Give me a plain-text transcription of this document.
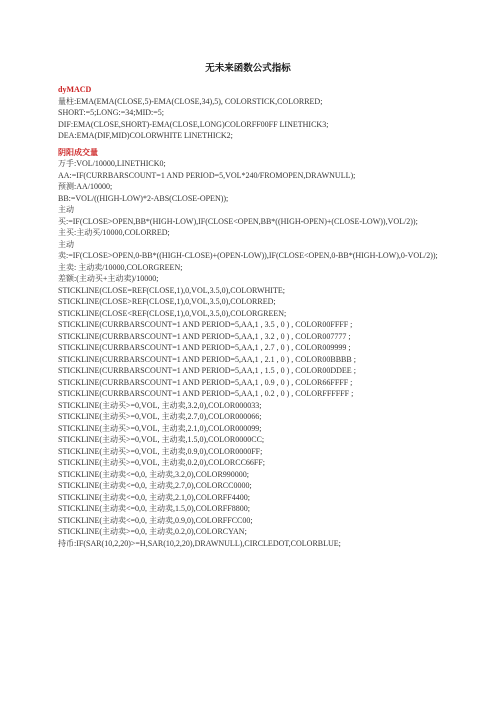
无未来函数公式指标
dyMACD
量柱:EMA(EMA(CLOSE,5)-EMA(CLOSE,34),5), COLORSTICK,COLORRED;
SHORT:=5;LONG:=34;MID:=5;
DIF:EMA(CLOSE,SHORT)-EMA(CLOSE,LONG)COLORFF00FF LINETHICK3;
DEA:EMA(DIF,MID)COLORWHITE LINETHICK2;
阴阳成交量
万手:VOL/10000,LINETHICK0;
AA:=IF(CURRBARSCOUNT=1 AND PERIOD=5,VOL*240/FROMOPEN,DRAWNULL);
预测:AA/10000;
BB:=VOL/((HIGH-LOW)*2-ABS(CLOSE-OPEN));
主动
买:=IF(CLOSE>OPEN,BB*(HIGH-LOW),IF(CLOSE<OPEN,BB*((HIGH-OPEN)+(CLOSE-LOW)),VOL/2));
主买:主动买/10000,COLORRED;
主动
卖:=IF(CLOSE>OPEN,0-BB*((HIGH-CLOSE)+(OPEN-LOW)),IF(CLOSE<OPEN,0-BB*(HIGH-LOW),0-VOL/2));
主卖: 主动卖/10000,COLORGREEN;
差额:(主动买+主动卖)/10000;
STICKLINE(CLOSE=REF(CLOSE,1),0,VOL,3.5,0),COLORWHITE;
STICKLINE(CLOSE>REF(CLOSE,1),0,VOL,3.5,0),COLORRED;
STICKLINE(CLOSE<REF(CLOSE,1),0,VOL,3.5,0),COLORGREEN;
STICKLINE(CURRBARSCOUNT=1 AND PERIOD=5,AA,1 , 3.5 , 0 ) , COLOR00FFFF ;
STICKLINE(CURRBARSCOUNT=1 AND PERIOD=5,AA,1 , 3.2 , 0 ) , COLOR007777 ;
STICKLINE(CURRBARSCOUNT=1 AND PERIOD=5,AA,1 , 2.7 , 0 ) , COLOR009999 ;
STICKLINE(CURRBARSCOUNT=1 AND PERIOD=5,AA,1 , 2.1 , 0 ) , COLOR00BBBB ;
STICKLINE(CURRBARSCOUNT=1 AND PERIOD=5,AA,1 , 1.5 , 0 ) , COLOR00DDEE ;
STICKLINE(CURRBARSCOUNT=1 AND PERIOD=5,AA,1 , 0.9 , 0 ) , COLOR66FFFF ;
STICKLINE(CURRBARSCOUNT=1 AND PERIOD=5,AA,1 , 0.2 , 0 ) , COLORFFFFFF ;
STICKLINE(主动买>=0,VOL, 主动卖,3.2,0),COLOR000033;
STICKLINE(主动买>=0,VOL, 主动卖,2.7,0),COLOR000066;
STICKLINE(主动买>=0,VOL, 主动卖,2.1,0),COLOR000099;
STICKLINE(主动买>=0,VOL, 主动卖,1.5,0),COLOR0000CC;
STICKLINE(主动买>=0,VOL, 主动卖,0.9,0),COLOR0000FF;
STICKLINE(主动买>=0,VOL, 主动卖,0.2,0),COLORCC66FF;
STICKLINE(主动卖<=0,0, 主动卖,3.2,0),COLOR990000;
STICKLINE(主动卖<=0,0, 主动卖,2.7,0),COLORCC0000;
STICKLINE(主动卖<=0,0, 主动卖,2.1,0),COLORFF4400;
STICKLINE(主动卖<=0,0, 主动卖,1.5,0),COLORFF8800;
STICKLINE(主动卖<=0,0, 主动卖,0.9,0),COLORFFCC00;
STICKLINE(主动卖>=0,0, 主动卖,0.2,0),COLORCYAN;
持币:IF(SAR(10,2,20)>=H,SAR(10,2,20),DRAWNULL),CIRCLEDOT,COLORBLUE;
